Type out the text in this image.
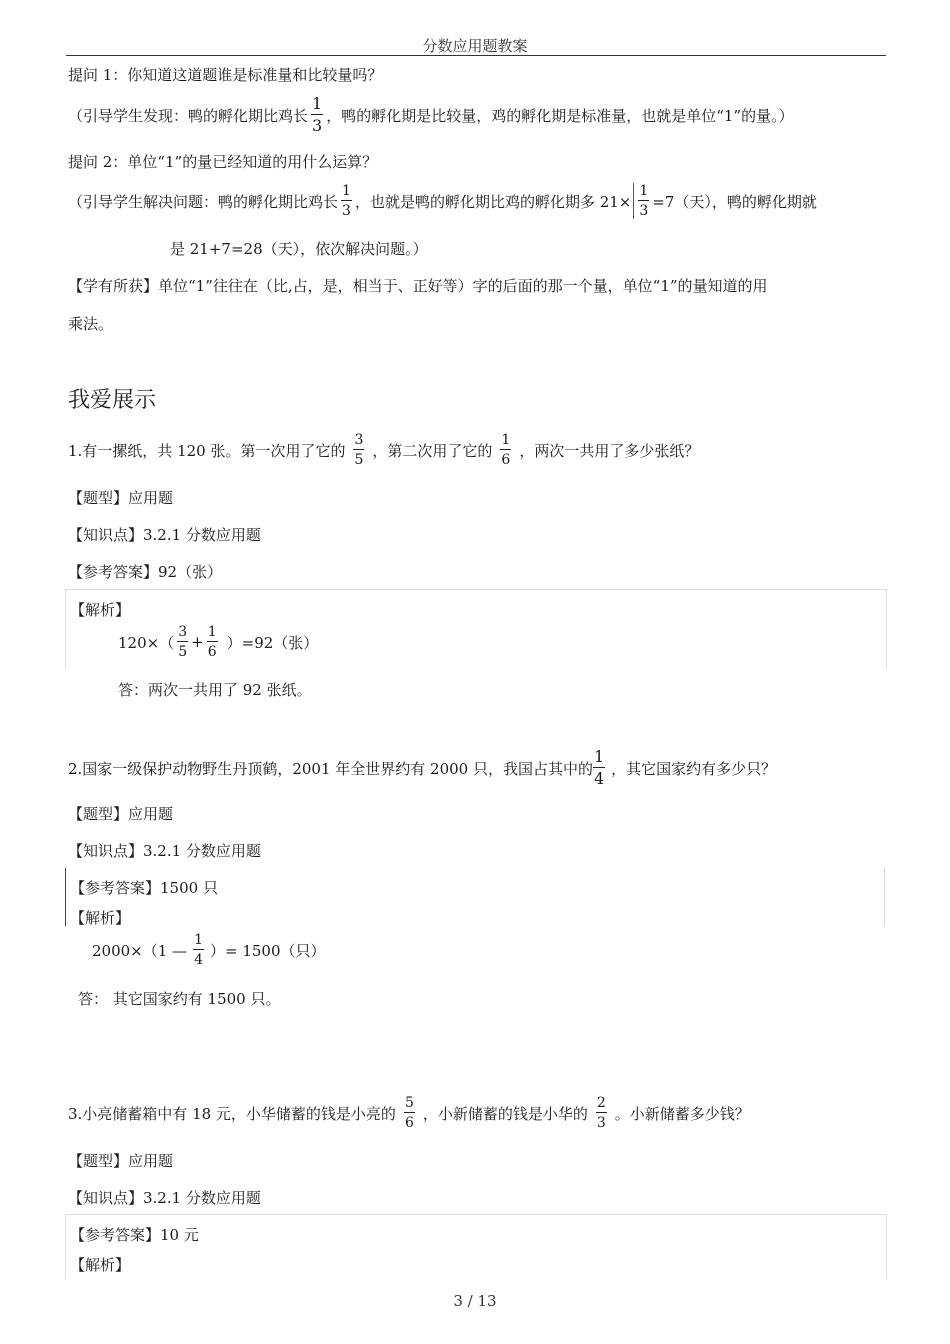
分数应用题教案
提问 1：你知道这道题谁是标准量和比较量吗？
（引导学生发现：鸭的孵化期比鸡长 $\frac{1}{3}$ ，鸭的孵化期是比较量，鸡的孵化期是标准量，也就是单位“1”的量。）
提问 2：单位“1”的量已经知道的用什么运算？
（引导学生解决问题：鸭的孵化期比鸡长 $\frac{1}{3}$ ，也就是鸭的孵化期比鸡的孵化期多 $21\times \frac{1}{3} =7$（天），鸭的孵化期就
是 21+7=28（天），依次解决问题。）
【学有所获】单位“1”往往在（比,占，是，相当于、正好等）字的后面的那一个量，单位“1”的量知道的用
乘法。
我爱展示
1.有一摞纸，共 120 张。第一次用了它的 $\frac{3}{5}$ ，第二次用了它的 $\frac{1}{6}$ ，两次一共用了多少张纸？
【题型】应用题
【知识点】3.2.1 分数应用题
【参考答案】92（张）
【解析】
$120\times( \frac{3}{5} + \frac{1}{6} )=92$（张）
答：两次一共用了 92 张纸。
2.国家一级保护动物野生丹顶鹤，2001 年全世界约有 2000 只，我国占其中的 $\frac{1}{4}$ ，其它国家约有多少只？
【题型】应用题
【知识点】3.2.1 分数应用题
【参考答案】1500 只
【解析】
2000×（1 — $\frac{1}{4}$ ）= 1500（只）
答： 其它国家约有 1500 只。
3.小亮储蓄箱中有 18 元，小华储蓄的钱是小亮的 $\frac{5}{6}$ ，小新储蓄的钱是小华的 $\frac{2}{3}$ 。小新储蓄多少钱？
【题型】应用题
【知识点】3.2.1 分数应用题
【参考答案】10 元
【解析】
3 / 13
